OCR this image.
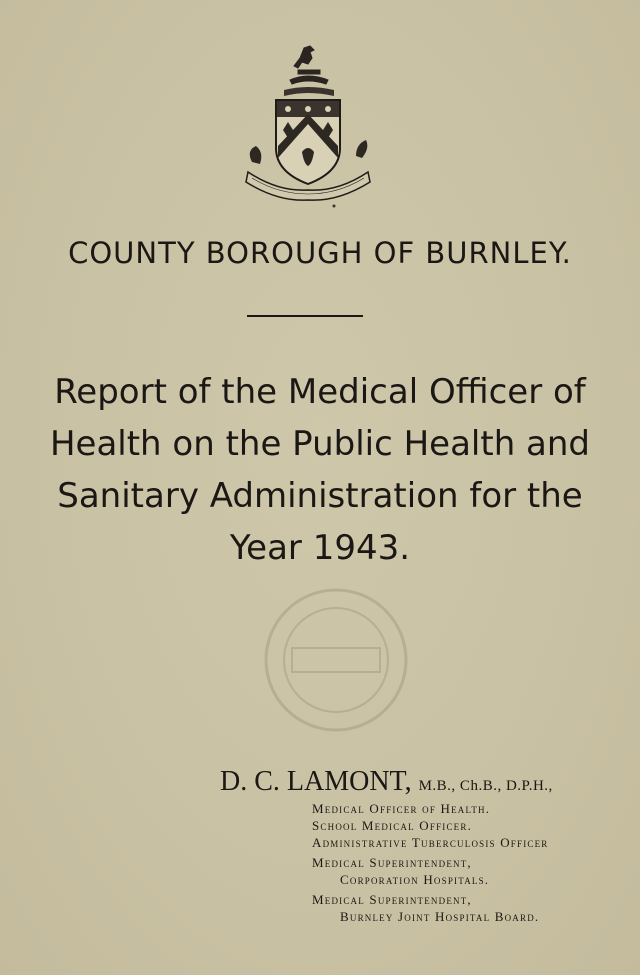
COUNTY BOROUGH OF BURNLEY.
Report of the Medical Officer of
Health on the Public Health and
Sanitary Administration for the
Year 1943.
D. C. LAMONT, M.B., Ch.B., D.P.H.,
Medical Officer of Health.
School Medical Officer.
Administrative Tuberculosis Officer
Medical Superintendent,
Corporation Hospitals.
Medical Superintendent,
Burnley Joint Hospital Board.
